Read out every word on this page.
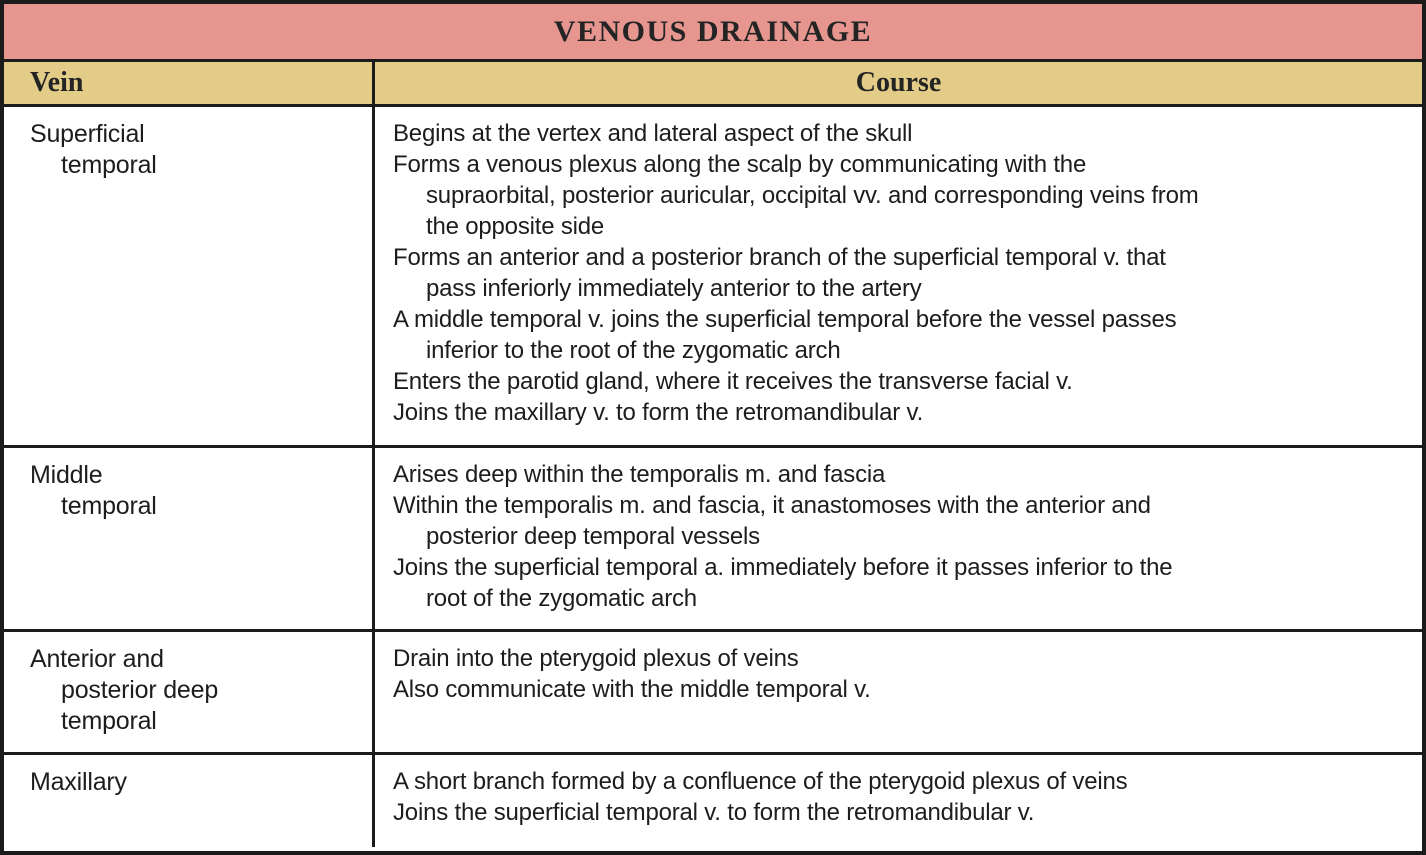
VENOUS DRAINAGE
Vein	Course
Superficial
temporal
Begins at the vertex and lateral aspect of the skull
Forms a venous plexus along the scalp by communicating with the
supraorbital, posterior auricular, occipital vv. and corresponding veins from
the opposite side
Forms an anterior and a posterior branch of the superficial temporal v. that
pass inferiorly immediately anterior to the artery
A middle temporal v. joins the superficial temporal before the vessel passes
inferior to the root of the zygomatic arch
Enters the parotid gland, where it receives the transverse facial v.
Joins the maxillary v. to form the retromandibular v.
Middle
temporal
Arises deep within the temporalis m. and fascia
Within the temporalis m. and fascia, it anastomoses with the anterior and
posterior deep temporal vessels
Joins the superficial temporal a. immediately before it passes inferior to the
root of the zygomatic arch
Anterior and
posterior deep
temporal
Drain into the pterygoid plexus of veins
Also communicate with the middle temporal v.
Maxillary	A short branch formed by a confluence of the pterygoid plexus of veins
Joins the superficial temporal v. to form the retromandibular v.
